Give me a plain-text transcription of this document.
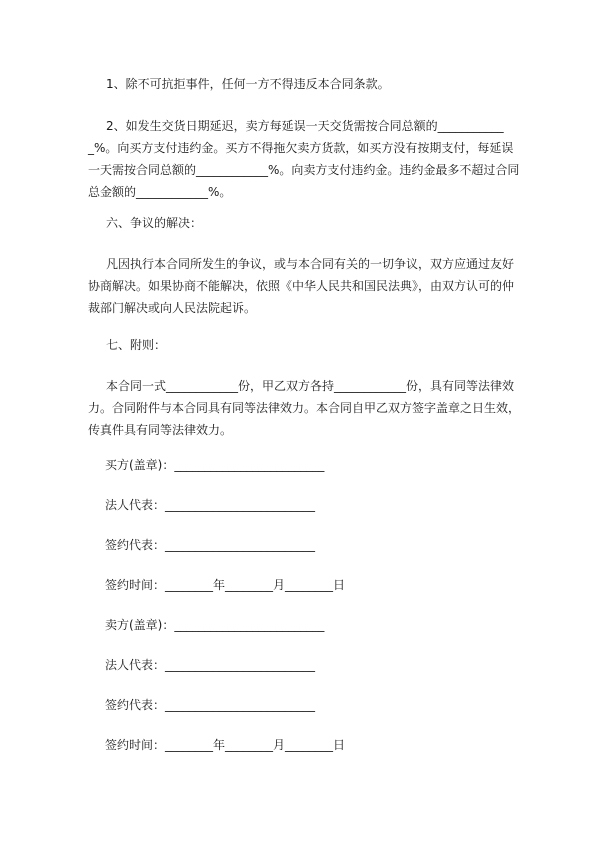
1、除不可抗拒事件，任何一方不得违反本合同条款。

2、如发生交货日期延迟，卖方每延误一天交货需按合同总额的____________%。向买方支付违约金。买方不得拖欠卖方货款，如买方没有按期支付，每延误一天需按合同总额的____________%。向卖方支付违约金。违约金最多不超过合同总金额的____________%。

六、争议的解决：

凡因执行本合同所发生的争议，或与本合同有关的一切争议，双方应通过友好协商解决。如果协商不能解决，依照《中华人民共和国民法典》，由双方认可的仲裁部门解决或向人民法院起诉。

七、附则：

本合同一式____________份，甲乙双方各持____________份，具有同等法律效力。合同附件与本合同具有同等法律效力。本合同自甲乙双方签字盖章之日生效，传真件具有同等法律效力。

买方(盖章)：_________________________

法人代表：_________________________

签约代表：_________________________

签约时间：________年________月________日

卖方(盖章)：_________________________

法人代表：_________________________

签约代表：_________________________

签约时间：________年________月________日
